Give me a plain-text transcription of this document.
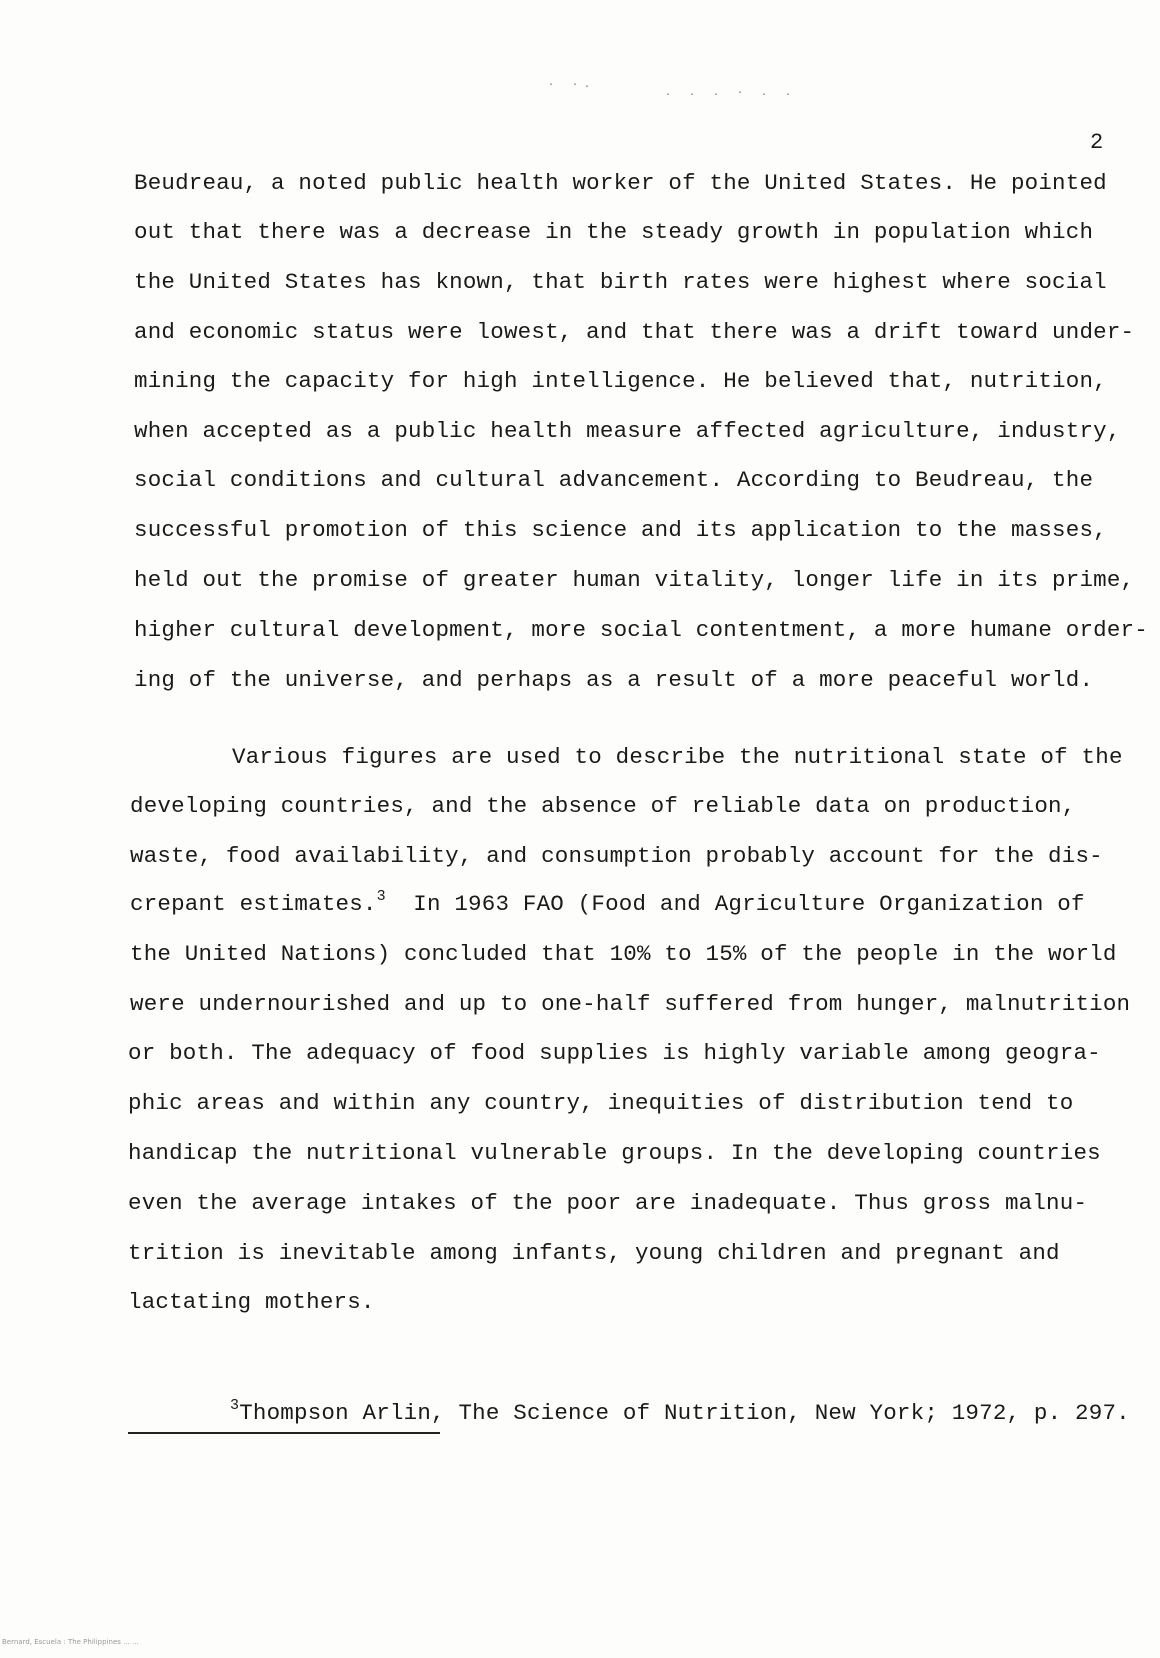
· ·.
. . . · . .
2
Beudreau, a noted public health worker of the United States. He pointed
out that there was a decrease in the steady growth in population which
the United States has known, that birth rates were highest where social
and economic status were lowest, and that there was a drift toward under-
mining the capacity for high intelligence. He believed that, nutrition,
when accepted as a public health measure affected agriculture, industry,
social conditions and cultural advancement. According to Beudreau, the
successful promotion of this science and its application to the masses,
held out the promise of greater human vitality, longer life in its prime,
higher cultural development, more social contentment, a more humane order-
ing of the universe, and perhaps as a result of a more peaceful world.
Various figures are used to describe the nutritional state of the
developing countries, and the absence of reliable data on production,
waste, food availability, and consumption probably account for the dis-
crepant estimates.$^3$  In 1963 FAO (Food and Agriculture Organization of
the United Nations) concluded that 10% to 15% of the people in the world
were undernourished and up to one-half suffered from hunger, malnutrition
or both. The adequacy of food supplies is highly variable among geogra-
phic areas and within any country, inequities of distribution tend to
handicap the nutritional vulnerable groups. In the developing countries
even the average intakes of the poor are inadequate. Thus gross malnu-
trition is inevitable among infants, young children and pregnant and
lactating mothers.
$^3$Thompson Arlin, The Science of Nutrition, New York; 1972, p. 297.
Bernard, Escuela : The Philippines ... ...
